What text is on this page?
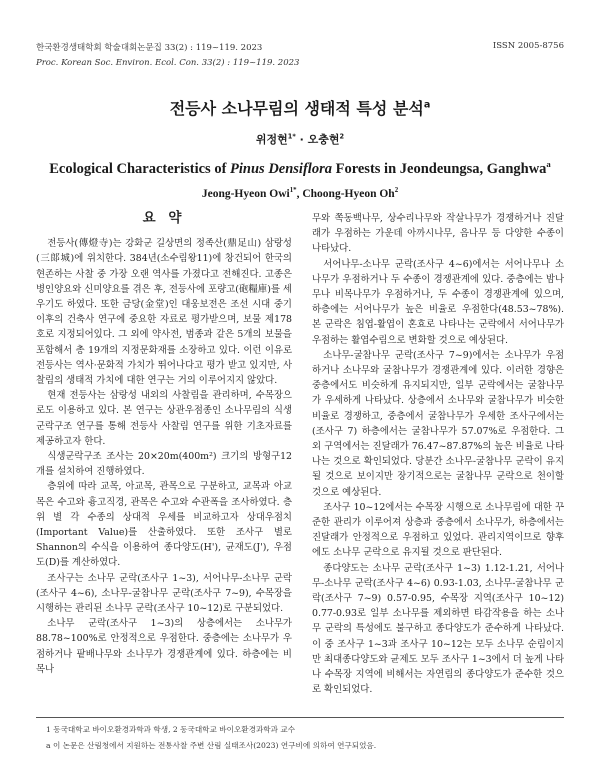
한국환경생태학회 학술대회논문집 33(2) : 119~119. 2023
Proc. Korean Soc. Environ. Ecol. Con. 33(2) : 119~119. 2023
ISSN 2005-8756
전등사 소나무림의 생태적 특성 분석$^a$
위정현$^{1*}$ · 오충현$^2$
Ecological Characteristics of Pinus Densiflora Forests in Jeondeungsa, Ganghwa$^a$
Jeong-Hyeon Owi$^{1*}$, Choong-Hyeon Oh$^2$

요 약

전등사(傳燈寺)는 강화군 길상면의 정족산(鼎足山) 삼랑성(三郞城)에 위치한다. 384년(소수림왕11)에 창건되어 한국의 현존하는 사찰 중 가장 오랜 역사를 가졌다고 전해진다. 고종은 병인양요와 신미양요를 겪은 후, 전등사에 포량고(砲糧庫)를 세우기도 하였다. 또한 금당(金堂)인 대웅보전은 조선 시대 중기 이후의 건축사 연구에 중요한 자료로 평가받으며, 보물 제178호로 지정되어있다. 그 외에 약사전, 범종과 같은 5개의 보물을 포함해서 총 19개의 지정문화재를 소장하고 있다. 이런 이유로 전등사는 역사·문화적 가치가 뛰어나다고 평가 받고 있지만, 사찰림의 생태적 가치에 대한 연구는 거의 이루어지지 않았다.

현재 전등사는 삼랑성 내외의 사찰림을 관리하며, 수목장으로도 이용하고 있다. 본 연구는 상관우점종인 소나무림의 식생군락구조 연구를 통해 전등사 사찰림 연구를 위한 기초자료를 제공하고자 한다.

식생군락구조 조사는 20×20m(400m²) 크기의 방형구12개를 설치하여 진행하였다.

층위에 따라 교목, 아교목, 관목으로 구분하고, 교목과 아교목은 수고와 흉고직경, 관목은 수고와 수관폭을 조사하였다. 층위 별 각 수종의 상대적 우세를 비교하고자 상대우점치(Important Value)를 산출하였다. 또한 조사구 별로 Shannon의 수식을 이용하여 종다양도(H'), 균재도(J'), 우점도(D)를 계산하였다.

조사구는 소나무 군락(조사구 1~3), 서어나무-소나무 군락(조사구 4~6), 소나무-굴참나무 군락(조사구 7~9), 수목장을 시행하는 관리된 소나무 군락(조사구 10~12)로 구분되었다.

소나무 군락(조사구 1~3)의 상층에서는 소나무가 88.78~100%로 안정적으로 우점한다. 중층에는 소나무가 우점하거나 팥배나무와 소나무가 경쟁관계에 있다. 하층에는 비목나

무와 쪽동백나무, 상수리나무와 작살나무가 경쟁하거나 진달래가 우점하는 가운데 아까시나무, 음나무 등 다양한 수종이 나타났다.

서어나무-소나무 군락(조사구 4~6)에서는 서어나무나 소나무가 우점하거나 두 수종이 경쟁관계에 있다. 중층에는 밤나무나 비목나무가 우점하거나, 두 수종이 경쟁관계에 있으며, 하층에는 서어나무가 높은 비율로 우점한다(48.53~78%). 본 군락은 침엽-활엽이 혼효로 나타나는 군락에서 서어나무가 우점하는 활엽수림으로 변화할 것으로 예상된다.

소나무-굴참나무 군락(조사구 7~9)에서는 소나무가 우점하거나 소나무와 굴참나무가 경쟁관계에 있다. 이러한 경향은 중층에서도 비슷하게 유지되지만, 일부 군락에서는 굴참나무가 우세하게 나타났다. 상층에서 소나무와 굴참나무가 비슷한 비율로 경쟁하고, 중층에서 굴참나무가 우세한 조사구에서는(조사구 7) 하층에서는 굴참나무가 57.07%로 우점한다. 그 외 구역에서는 진달래가 76.47~87.87%의 높은 비율로 나타나는 것으로 확인되었다. 당분간 소나무-굴참나무 군락이 유지될 것으로 보이지만 장기적으로는 굴참나무 군락으로 천이할 것으로 예상된다.

조사구 10~12에서는 수목장 시행으로 소나무림에 대한 꾸준한 관리가 이루어져 상층과 중층에서 소나무가, 하층에서는 진달래가 안정적으로 우점하고 있었다. 관리지역이므로 향후에도 소나무 군락으로 유지될 것으로 판단된다.

종다양도는 소나무 군락(조사구 1~3) 1.12-1.21, 서어나무-소나무 군락(조사구 4~6) 0.93-1.03, 소나무-굴참나무 군락(조사구 7~9) 0.57-0.95, 수목장 지역(조사구 10~12) 0.77-0.93로 일부 소나무를 제외하면 타감작용을 하는 소나무 군락의 특성에도 불구하고 종다양도가 준수하게 나타났다. 이 중 조사구 1~3과 조사구 10~12는 모두 소나무 순림이지만 최대종다양도와 균제도 모두 조사구 1~3에서 더 높게 나타나 수목장 지역에 비해서는 자연림의 종다양도가 준수한 것으로 확인되었다.

1 동국대학교 바이오환경과학과 학생, 2 동국대학교 바이오환경과학과 교수
a 이 논문은 산림청에서 지원하는 전통사찰 주변 산림 실태조사(2023) 연구비에 의하여 연구되었음.
